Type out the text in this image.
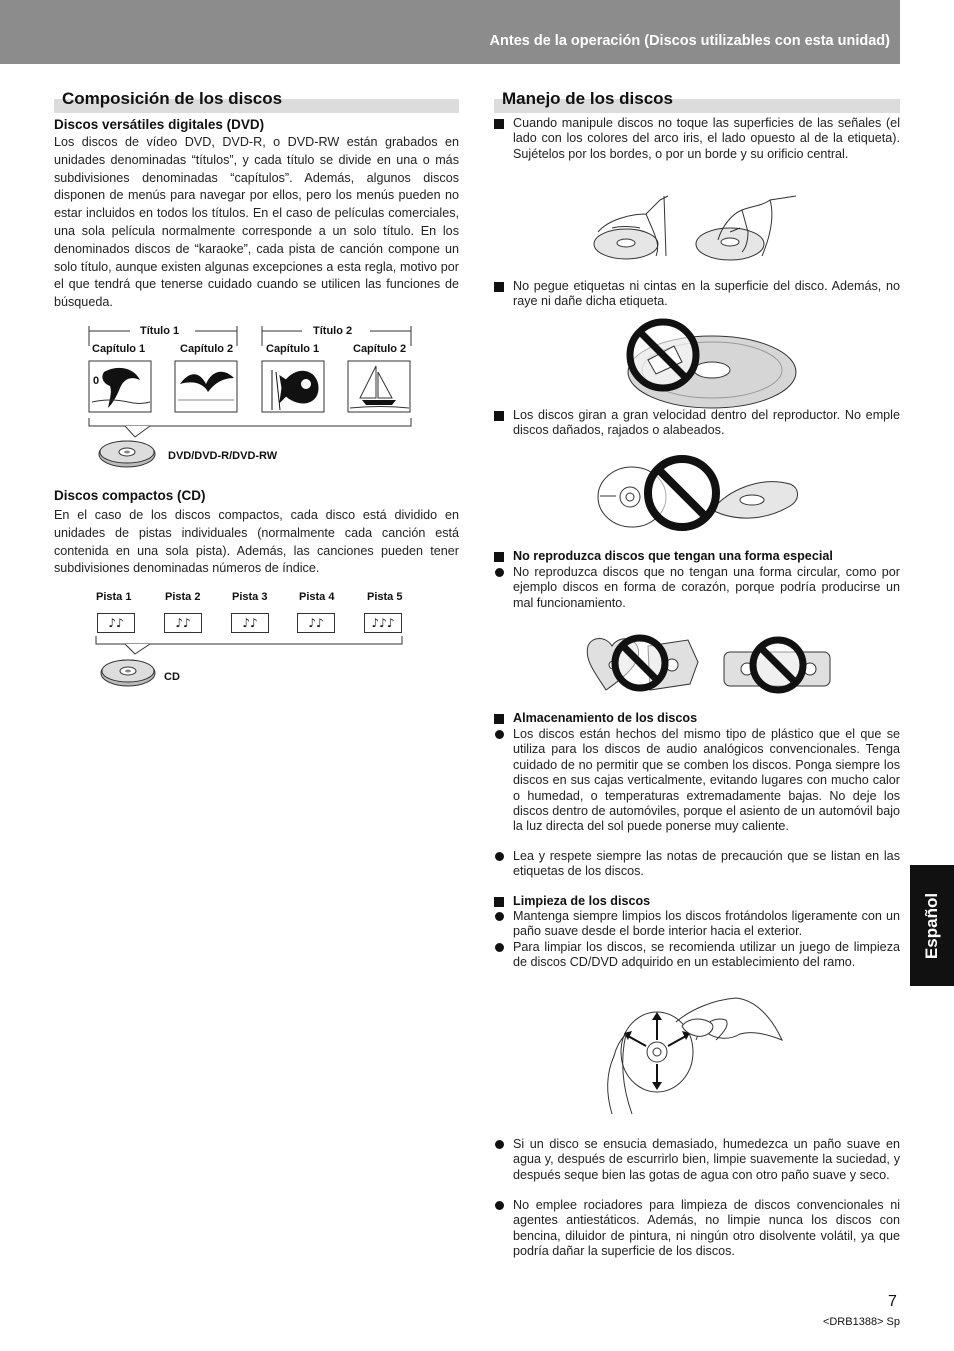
Antes de la operación (Discos utilizables con esta unidad)
Composición de los discos
Discos versátiles digitales (DVD)

Los discos de vídeo DVD, DVD-R, o DVD-RW están grabados en unidades denominadas “títulos”, y cada título se divide en una o más subdivisiones denominadas “capítulos”. Además, algunos discos disponen de menús para navegar por ellos, pero los menús pueden no estar incluidos en todos los títulos. En el caso de películas comerciales, una sola película normalmente corresponde a un solo título. En los denominados discos de “karaoke”, cada pista de canción compone un solo título, aunque existen algunas excepciones a esta regla, motivo por el que tendrá que tenerse cuidado cuando se utilicen las funciones de búsqueda.

Título 1	Título 2
Capítulo 1	Capítulo 2	Capítulo 1	Capítulo 2
0
DVD/DVD-R/DVD-RW
Discos compactos (CD)

En el caso de los discos compactos, cada disco está dividido en unidades de pistas individuales (normalmente cada canción está contenida en una sola pista). Además, las canciones pueden tener subdivisiones denominadas números de índice.

Pista 1	Pista 2	Pista 3	Pista 4	Pista 5
♪♪	♪♪	♪♪	♪♪	♪♪♪
CD
Manejo de los discos
Cuando manipule discos no toque las superficies de las señales (el lado con los colores del arco iris, el lado opuesto al de la etiqueta). Sujételos por los bordes, o por un borde y su orificio central.
No pegue etiquetas ni cintas en la superficie del disco. Además, no raye ni dañe dicha etiqueta.
Los discos giran a gran velocidad dentro del reproductor. No emple discos dañados, rajados o alabeados.
No reproduzca discos que tengan una forma especial
No reproduzca discos que no tengan una forma circular, como por ejemplo discos en forma de corazón, porque podría producirse un mal funcionamiento.
Almacenamiento de los discos
Los discos están hechos del mismo tipo de plástico que el que se utiliza para los discos de audio analógicos convencionales. Tenga cuidado de no permitir que se comben los discos. Ponga siempre los discos en sus cajas verticalmente, evitando lugares con mucho calor o humedad, o temperaturas extremadamente bajas. No deje los discos dentro de automóviles, porque el asiento de un automóvil bajo la luz directa del sol puede ponerse muy caliente.
Lea y respete siempre las notas de precaución que se listan en las etiquetas de los discos.
Limpieza de los discos
Mantenga siempre limpios los discos frotándolos ligeramente con un paño suave desde el borde interior hacia el exterior.
Para limpiar los discos, se recomienda utilizar un juego de limpieza de discos CD/DVD adquirido en un establecimiento del ramo.
Si un disco se ensucia demasiado, humedezca un paño suave en agua y, después de escurrirlo bien, limpie suavemente la suciedad, y después seque bien las gotas de agua con otro paño suave y seco.
No emplee rociadores para limpieza de discos convencionales ni agentes antiestáticos. Además, no limpie nunca los discos con bencina, diluidor de pintura, ni ningún otro disolvente volátil, ya que podría dañar la superficie de los discos.
Español
7
<DRB1388> Sp
